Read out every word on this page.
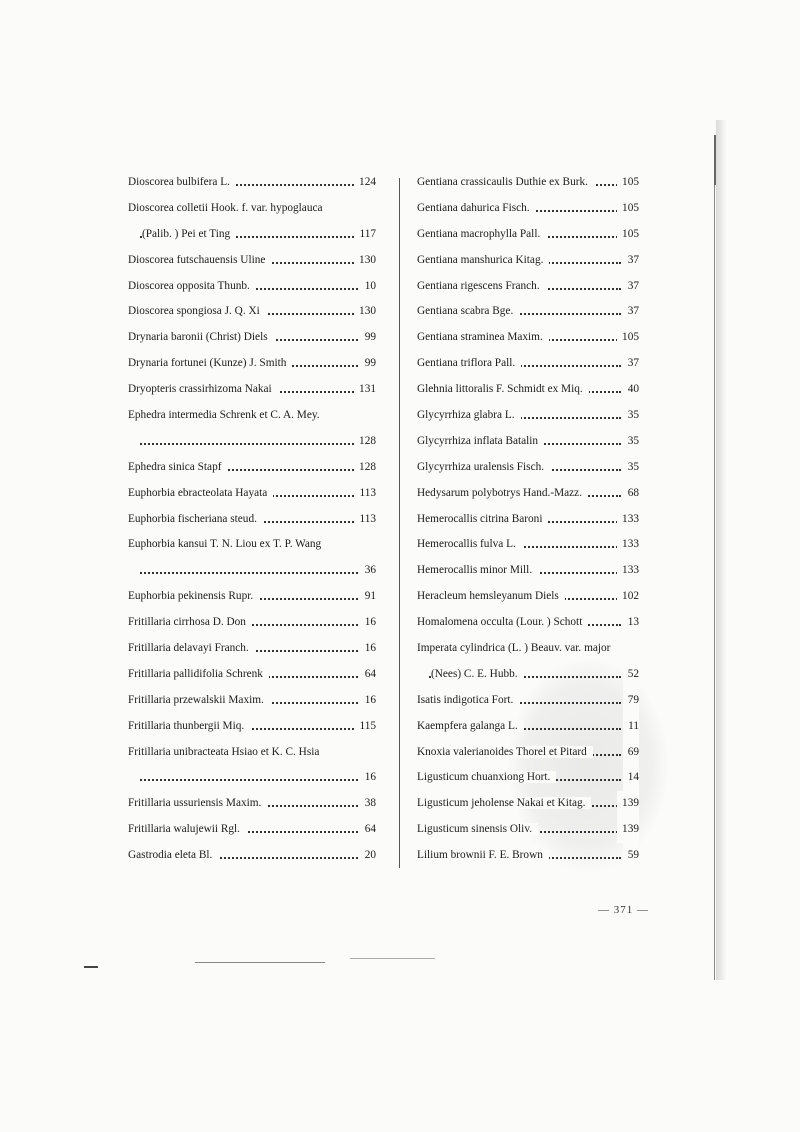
Dioscorea bulbifera L.	124
Dioscorea colletii Hook. f. var. hypoglauca
(Palib. ) Pei et Ting	117
Dioscorea futschauensis Uline	130
Dioscorea opposita Thunb.	10
Dioscorea spongiosa J. Q. Xi	130
Drynaria baronii (Christ) Diels	99
Drynaria fortunei (Kunze) J. Smith	99
Dryopteris crassirhizoma Nakai	131
Ephedra intermedia Schrenk et C. A. Mey.
128
Ephedra sinica Stapf	128
Euphorbia ebracteolata Hayata	113
Euphorbia fischeriana steud.	113
Euphorbia kansui T. N. Liou ex T. P. Wang
36
Euphorbia pekinensis Rupr.	91
Fritillaria cirrhosa D. Don	16
Fritillaria delavayi Franch.	16
Fritillaria pallidifolia Schrenk	64
Fritillaria przewalskii Maxim.	16
Fritillaria thunbergii Miq.	115
Fritillaria unibracteata Hsiao et K. C. Hsia
16
Fritillaria ussuriensis Maxim.	38
Fritillaria walujewii Rgl.	64
Gastrodia eleta Bl.	20
Gentiana crassicaulis Duthie ex Burk.	105
Gentiana dahurica Fisch.	105
Gentiana macrophylla Pall.	105
Gentiana manshurica Kitag.	37
Gentiana rigescens Franch.	37
Gentiana scabra Bge.	37
Gentiana straminea Maxim.	105
Gentiana triflora Pall.	37
Glehnia littoralis F. Schmidt ex Miq.	40
Glycyrrhiza glabra L.	35
Glycyrrhiza inflata Batalin	35
Glycyrrhiza uralensis Fisch.	35
Hedysarum polybotrys Hand.-Mazz.	68
Hemerocallis citrina Baroni	133
Hemerocallis fulva L.	133
Hemerocallis minor Mill.	133
Heracleum hemsleyanum Diels	102
Homalomena occulta (Lour. ) Schott	13
Imperata cylindrica (L. ) Beauv. var. major
(Nees) C. E. Hubb.	52
Isatis indigotica Fort.	79
Kaempfera galanga L.	11
Knoxia valerianoides Thorel et Pitard	69
Ligusticum chuanxiong Hort.	14
Ligusticum jeholense Nakai et Kitag.	139
Ligusticum sinensis Oliv.	139
Lilium brownii F. E. Brown	59
— 371 —
